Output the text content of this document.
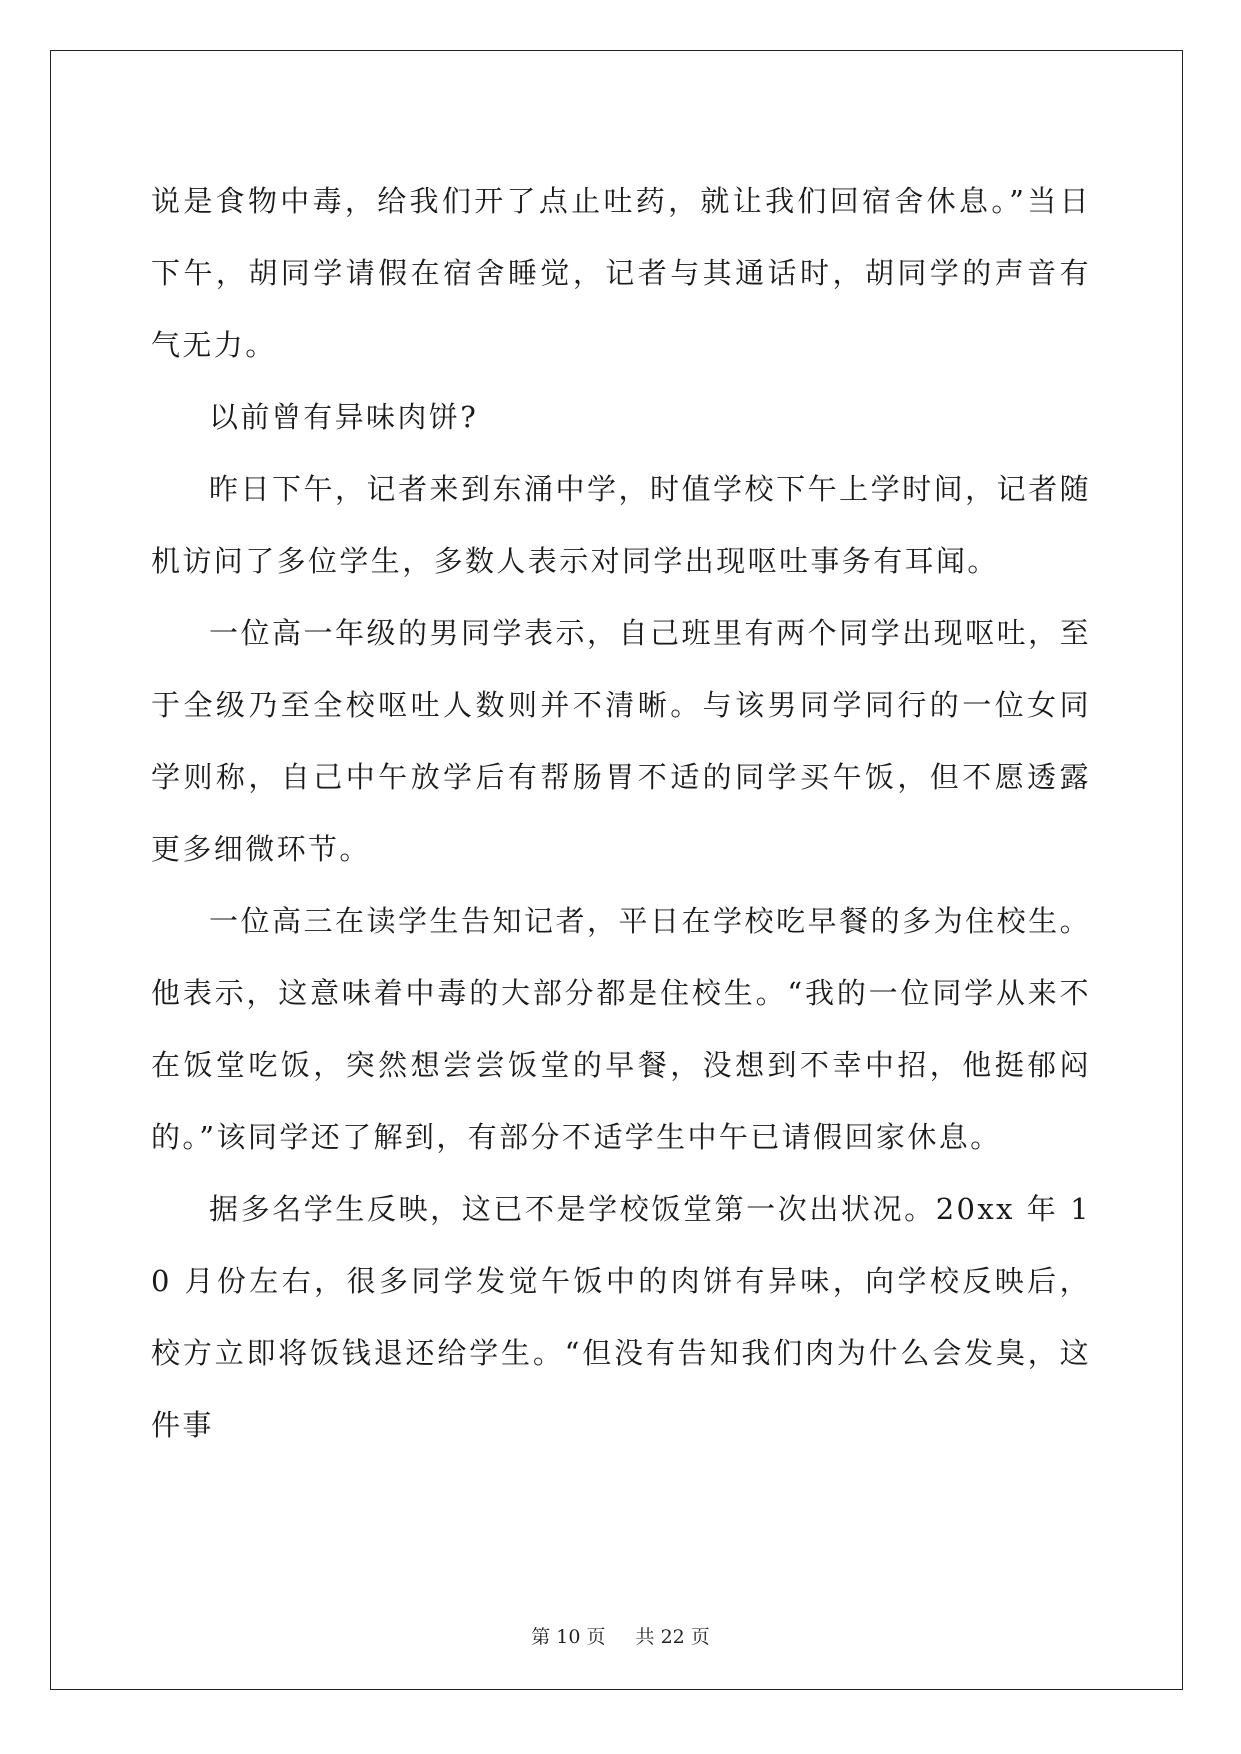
说是食物中毒，给我们开了点止吐药，就让我们回宿舍休息。”当日下午，胡同学请假在宿舍睡觉，记者与其通话时，胡同学的声音有气无力。

以前曾有异味肉饼?

昨日下午，记者来到东涌中学，时值学校下午上学时间，记者随机访问了多位学生，多数人表示对同学出现呕吐事务有耳闻。

一位高一年级的男同学表示，自己班里有两个同学出现呕吐，至于全级乃至全校呕吐人数则并不清晰。与该男同学同行的一位女同学则称，自己中午放学后有帮肠胃不适的同学买午饭，但不愿透露更多细微环节。

一位高三在读学生告知记者，平日在学校吃早餐的多为住校生。他表示，这意味着中毒的大部分都是住校生。“我的一位同学从来不在饭堂吃饭，突然想尝尝饭堂的早餐，没想到不幸中招，他挺郁闷的。”该同学还了解到，有部分不适学生中午已请假回家休息。

据多名学生反映，这已不是学校饭堂第一次出状况。20xx 年 10 月份左右，很多同学发觉午饭中的肉饼有异味，向学校反映后，校方立即将饭钱退还给学生。“但没有告知我们肉为什么会发臭，这件事

第 10 页 共 22 页
